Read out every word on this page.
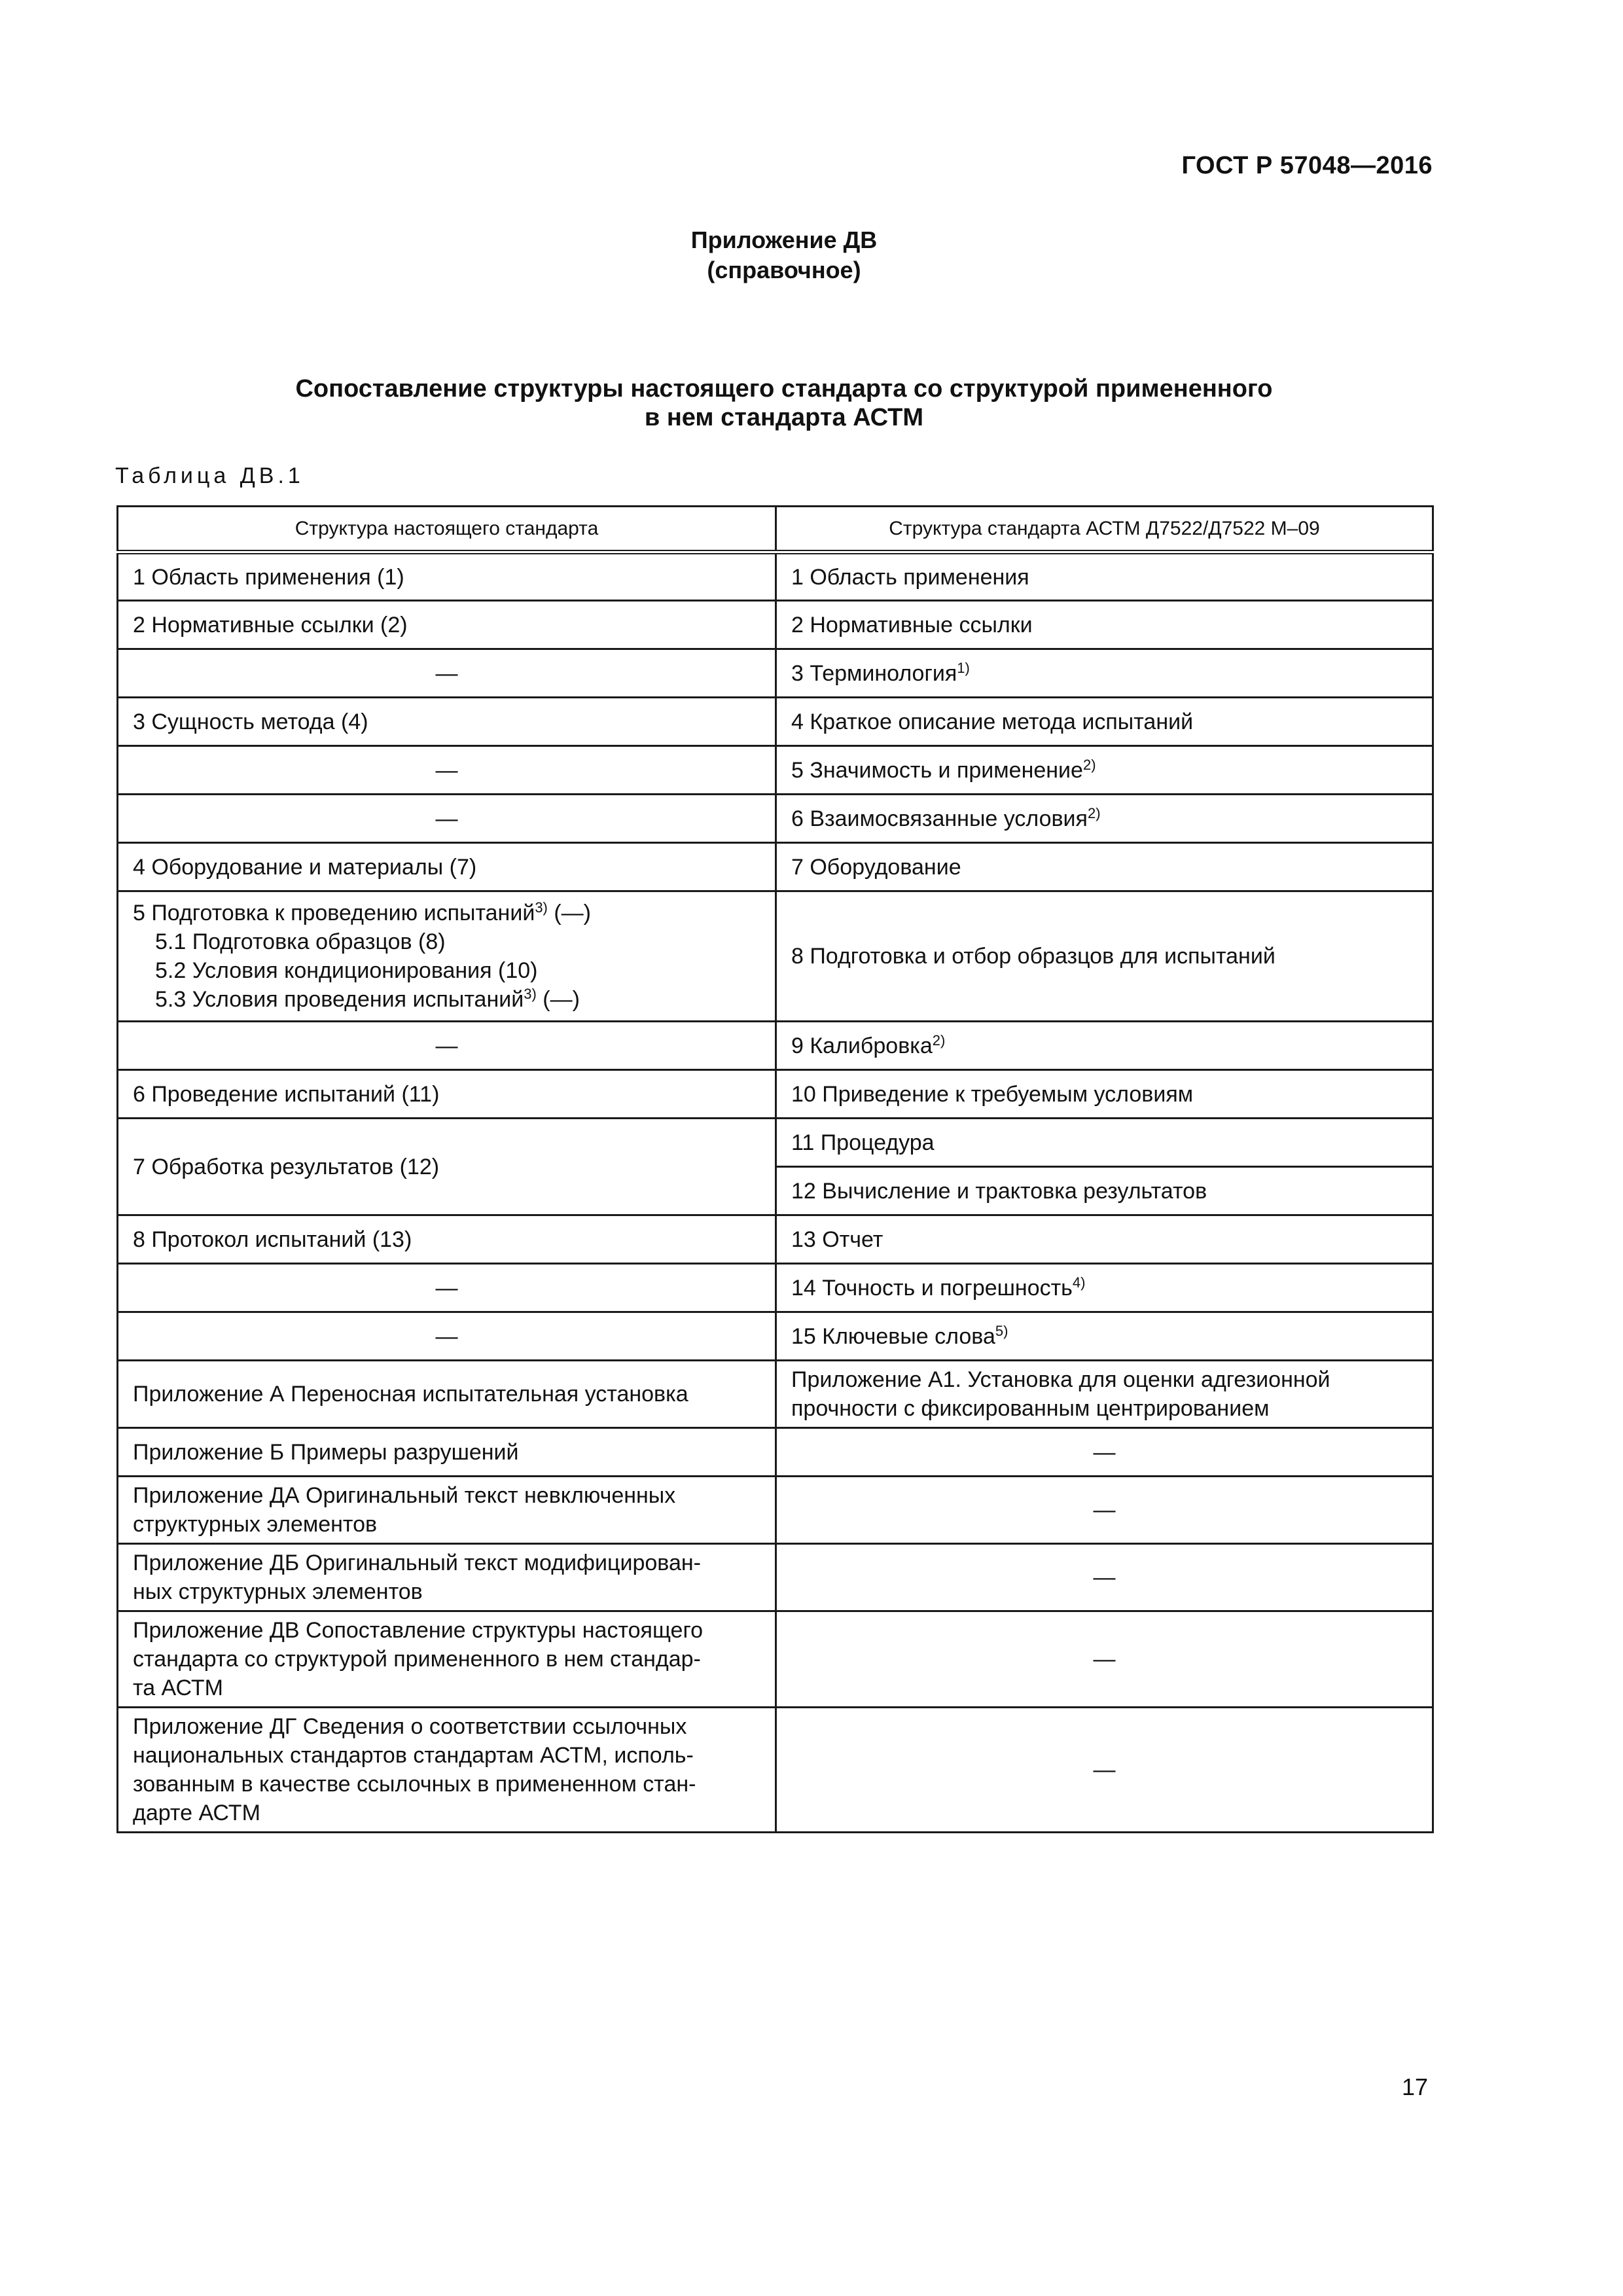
ГОСТ Р 57048—2016
Приложение ДВ
(справочное)
Сопоставление структуры настоящего стандарта со структурой примененного
в нем стандарта АСТМ
Таблица ДВ.1
Структура настоящего стандарта	Структура стандарта АСТМ Д7522/Д7522 М–09
1 Область применения (1)	1 Область применения
2 Нормативные ссылки (2)	2 Нормативные ссылки
—	3 Терминология$^{1)}$
3 Сущность метода (4)	4 Краткое описание метода испытаний
—	5 Значимость и применение$^{2)}$
—	6 Взаимосвязанные условия$^{2)}$
4 Оборудование и материалы (7)	7 Оборудование

5 Подготовка к проведению испытаний$^{3)}$ (—)
5.1 Подготовка образцов (8)
5.2 Условия кондиционирования (10)
5.3 Условия проведения испытаний$^{3)}$ (—)	8 Подготовка и отбор образцов для испытаний
—	9 Калибровка$^{2)}$
6 Проведение испытаний (11)	10 Приведение к требуемым условиям
7 Обработка результатов (12)	11 Процедура
	12 Вычисление и трактовка результатов
8 Протокол испытаний (13)	13 Отчет
—	14 Точность и погрешность$^{4)}$
—	15 Ключевые слова$^{5)}$
Приложение А Переносная испытательная установка	Приложение А1. Установка для оценки адгезионной
прочности с фиксированным центрированием

Приложение Б Примеры разрушений	—

Приложение ДА Оригинальный текст невключенных
структурных элементов	—

Приложение ДБ Оригинальный текст модифицирован-
ных структурных элементов	—

Приложение ДВ Сопоставление структуры настоящего
стандарта со структурой примененного в нем стандар-
та АСТМ	—

Приложение ДГ Сведения о соответствии ссылочных
национальных стандартов стандартам АСТМ, исполь-
зованным в качестве ссылочных в примененном стан-
дарте АСТМ	—
17
